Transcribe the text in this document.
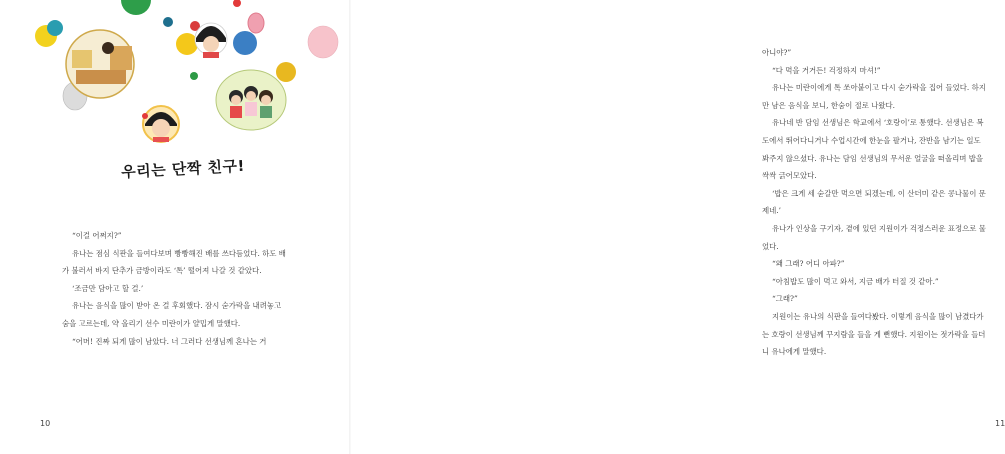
우리는 단짝 친구!

“이걸 어쩌지?”

유나는 점심 식판을 들여다보며 빵빵해진 배를 쓰다듬었다. 하도 배가 불러서 바지 단추가 금방이라도 ‘톡’ 떨어져 나갈 것 같았다.

‘조금만 담아고 할 걸.’

유나는 음식을 많이 받아 온 걸 후회했다. 잠시 숟가락을 내려놓고 숨을 고르는데, 약 올리기 선수 미란이가 얄밉게 말했다.

“어머! 진짜 되게 많이 남았다. 너 그러다 선생님께 혼나는 거

10

아니야?”

“다 먹을 거거든! 걱정하지 마셔!”

유나는 미란이에게 톡 쏘아붙이고 다시 숟가락을 집어 들었다. 하지만 남은 음식을 보니, 한숨이 절로 나왔다.

유나네 반 담임 선생님은 학교에서 ‘호랑이’로 통했다. 선생님은 복도에서 뛰어다니거나 수업시간에 한눈을 팔거나, 잔반을 남기는 일도 봐주지 않으셨다. 유나는 담임 선생님의 무서운 얼굴을 떠올리며 밥을 싹싹 긁어모았다.

‘밥은 크게 세 숟갈만 먹으면 되겠는데, 이 산더미 같은 콩나물이 문제네.’

유나가 인상을 구기자, 곁에 있던 지원이가 걱정스러운 표정으로 물었다.

“왜 그래? 어디 아파?”

“아침밥도 많이 먹고 와서, 지금 배가 터질 것 같아.”

“그래?”

지원이는 유나의 식판을 들여다봤다. 이렇게 음식을 많이 남겼다가는 호랑이 선생님께 꾸지람을 들을 게 뻔했다. 지원이는 젓가락을 들더니 유나에게 말했다.

11
